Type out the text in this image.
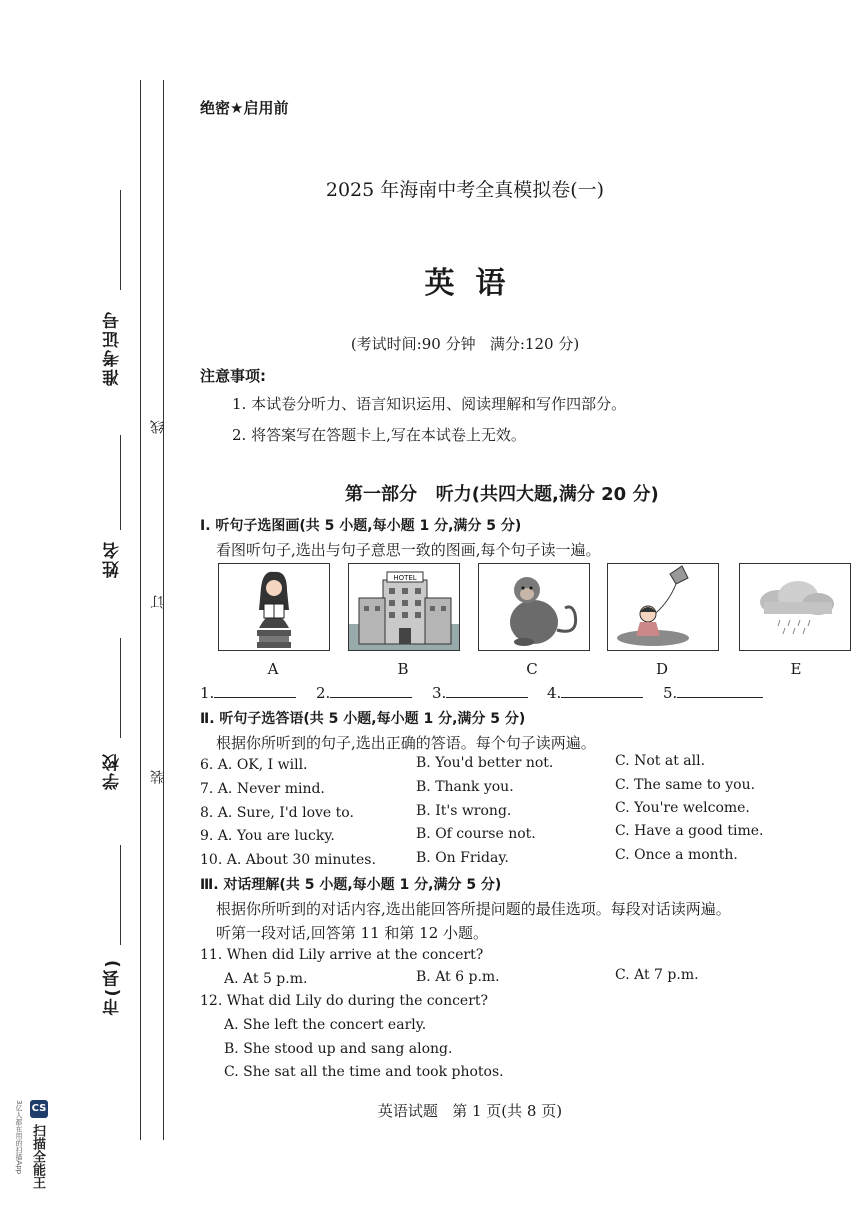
准考证号
姓名
学校
市(县)
线
订
装
绝密★启用前
2025 年海南中考全真模拟卷(一)
英  语
(考试时间:90 分钟   满分:120 分)
注意事项:
1. 本试卷分听力、语言知识运用、阅读理解和写作四部分。
2. 将答案写在答题卡上,写在本试卷上无效。
第一部分   听力(共四大题,满分 20 分)
Ⅰ. 听句子选图画(共 5 小题,每小题 1 分,满分 5 分)
看图听句子,选出与句子意思一致的图画,每个句子读一遍。
HOTEL
A	B	C	D	E
1.	2.	3.	4.	5.
Ⅱ. 听句子选答语(共 5 小题,每小题 1 分,满分 5 分)
根据你所听到的句子,选出正确的答语。每个句子读两遍。
6. A. OK, I will.	B. You'd better not.	C. Not at all.
7. A. Never mind.	B. Thank you.	C. The same to you.
8. A. Sure, I'd love to.	B. It's wrong.	C. You're welcome.
9. A. You are lucky.	B. Of course not.	C. Have a good time.
10. A. About 30 minutes.	B. On Friday.	C. Once a month.
Ⅲ. 对话理解(共 5 小题,每小题 1 分,满分 5 分)
根据你所听到的对话内容,选出能回答所提问题的最佳选项。每段对话读两遍。
听第一段对话,回答第 11 和第 12 小题。
11. When did Lily arrive at the concert?
A. At 5 p.m.	B. At 6 p.m.	C. At 7 p.m.
12. What did Lily do during the concert?
A. She left the concert early.
B. She stood up and sang along.
C. She sat all the time and took photos.
英语试题   第 1 页(共 8 页)
CS
扫描全能王
3亿人都在用的扫描App
